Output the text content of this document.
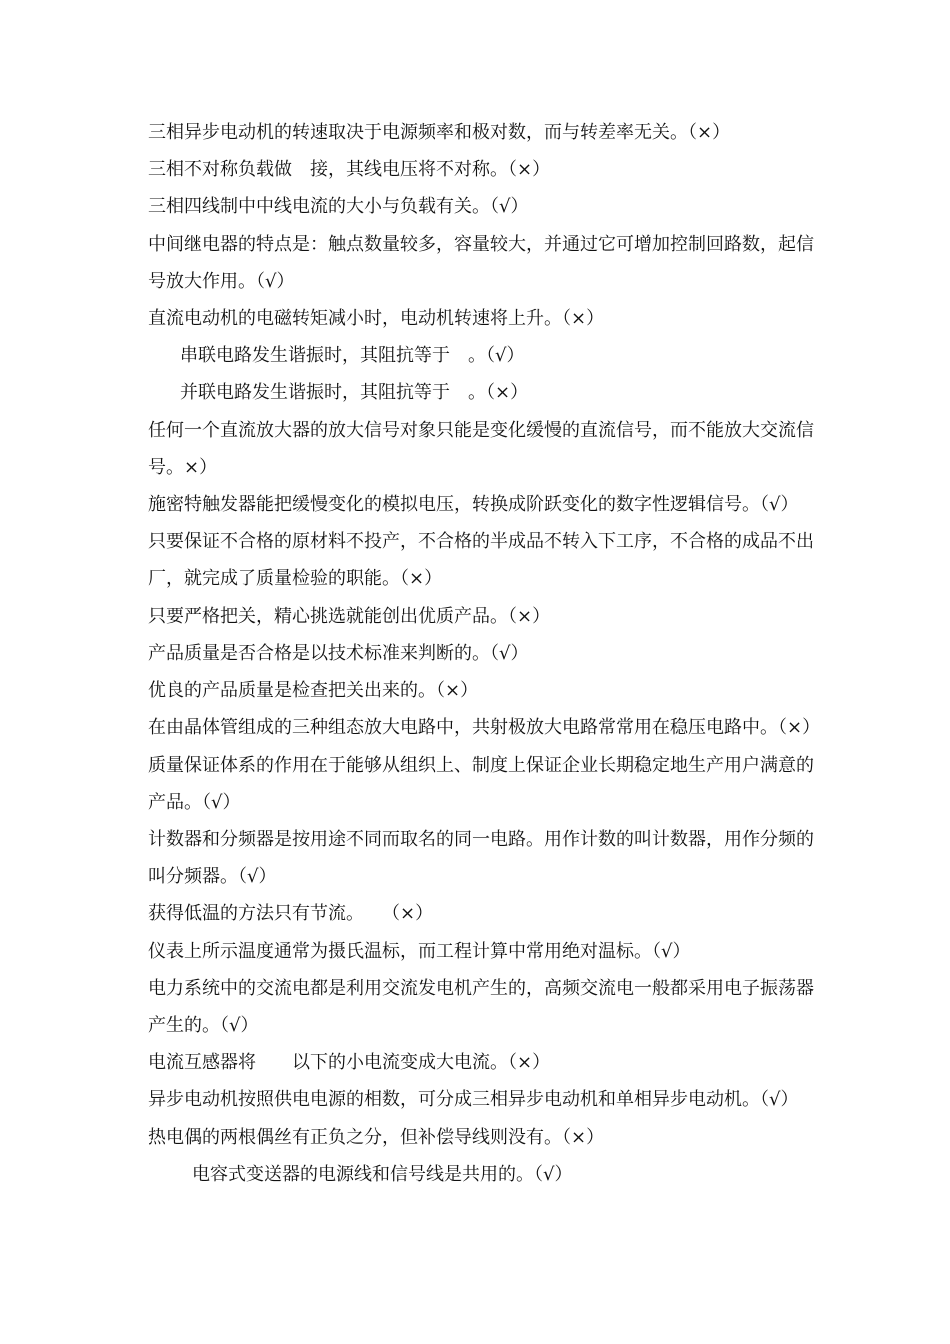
三相异步电动机的转速取决于电源频率和极对数，而与转差率无关。（×）
三相不对称负载做　接，其线电压将不对称。（×）
三相四线制中中线电流的大小与负载有关。（√）
中间继电器的特点是：触点数量较多，容量较大，并通过它可增加控制回路数，起信
号放大作用。（√）
直流电动机的电磁转矩减小时，电动机转速将上升。（×）
串联电路发生谐振时，其阻抗等于　。（√）
并联电路发生谐振时，其阻抗等于　。（×）
任何一个直流放大器的放大信号对象只能是变化缓慢的直流信号，而不能放大交流信
号。×）
施密特触发器能把缓慢变化的模拟电压，转换成阶跃变化的数字性逻辑信号。（√）
只要保证不合格的原材料不投产，不合格的半成品不转入下工序，不合格的成品不出
厂，就完成了质量检验的职能。（×）
只要严格把关，精心挑选就能创出优质产品。（×）
产品质量是否合格是以技术标准来判断的。（√）
优良的产品质量是检查把关出来的。（×）
在由晶体管组成的三种组态放大电路中，共射极放大电路常常用在稳压电路中。（×）
质量保证体系的作用在于能够从组织上、制度上保证企业长期稳定地生产用户满意的
产品。（√）
计数器和分频器是按用途不同而取名的同一电路。用作计数的叫计数器，用作分频的
叫分频器。（√）
获得低温的方法只有节流。　　（×）
仪表上所示温度通常为摄氏温标，而工程计算中常用绝对温标。（√）
电力系统中的交流电都是利用交流发电机产生的，高频交流电一般都采用电子振荡器
产生的。（√）
电流互感器将　　以下的小电流变成大电流。（×）
异步电动机按照供电电源的相数，可分成三相异步电动机和单相异步电动机。（√）
热电偶的两根偶丝有正负之分，但补偿导线则没有。（×）
电容式变送器的电源线和信号线是共用的。（√）
